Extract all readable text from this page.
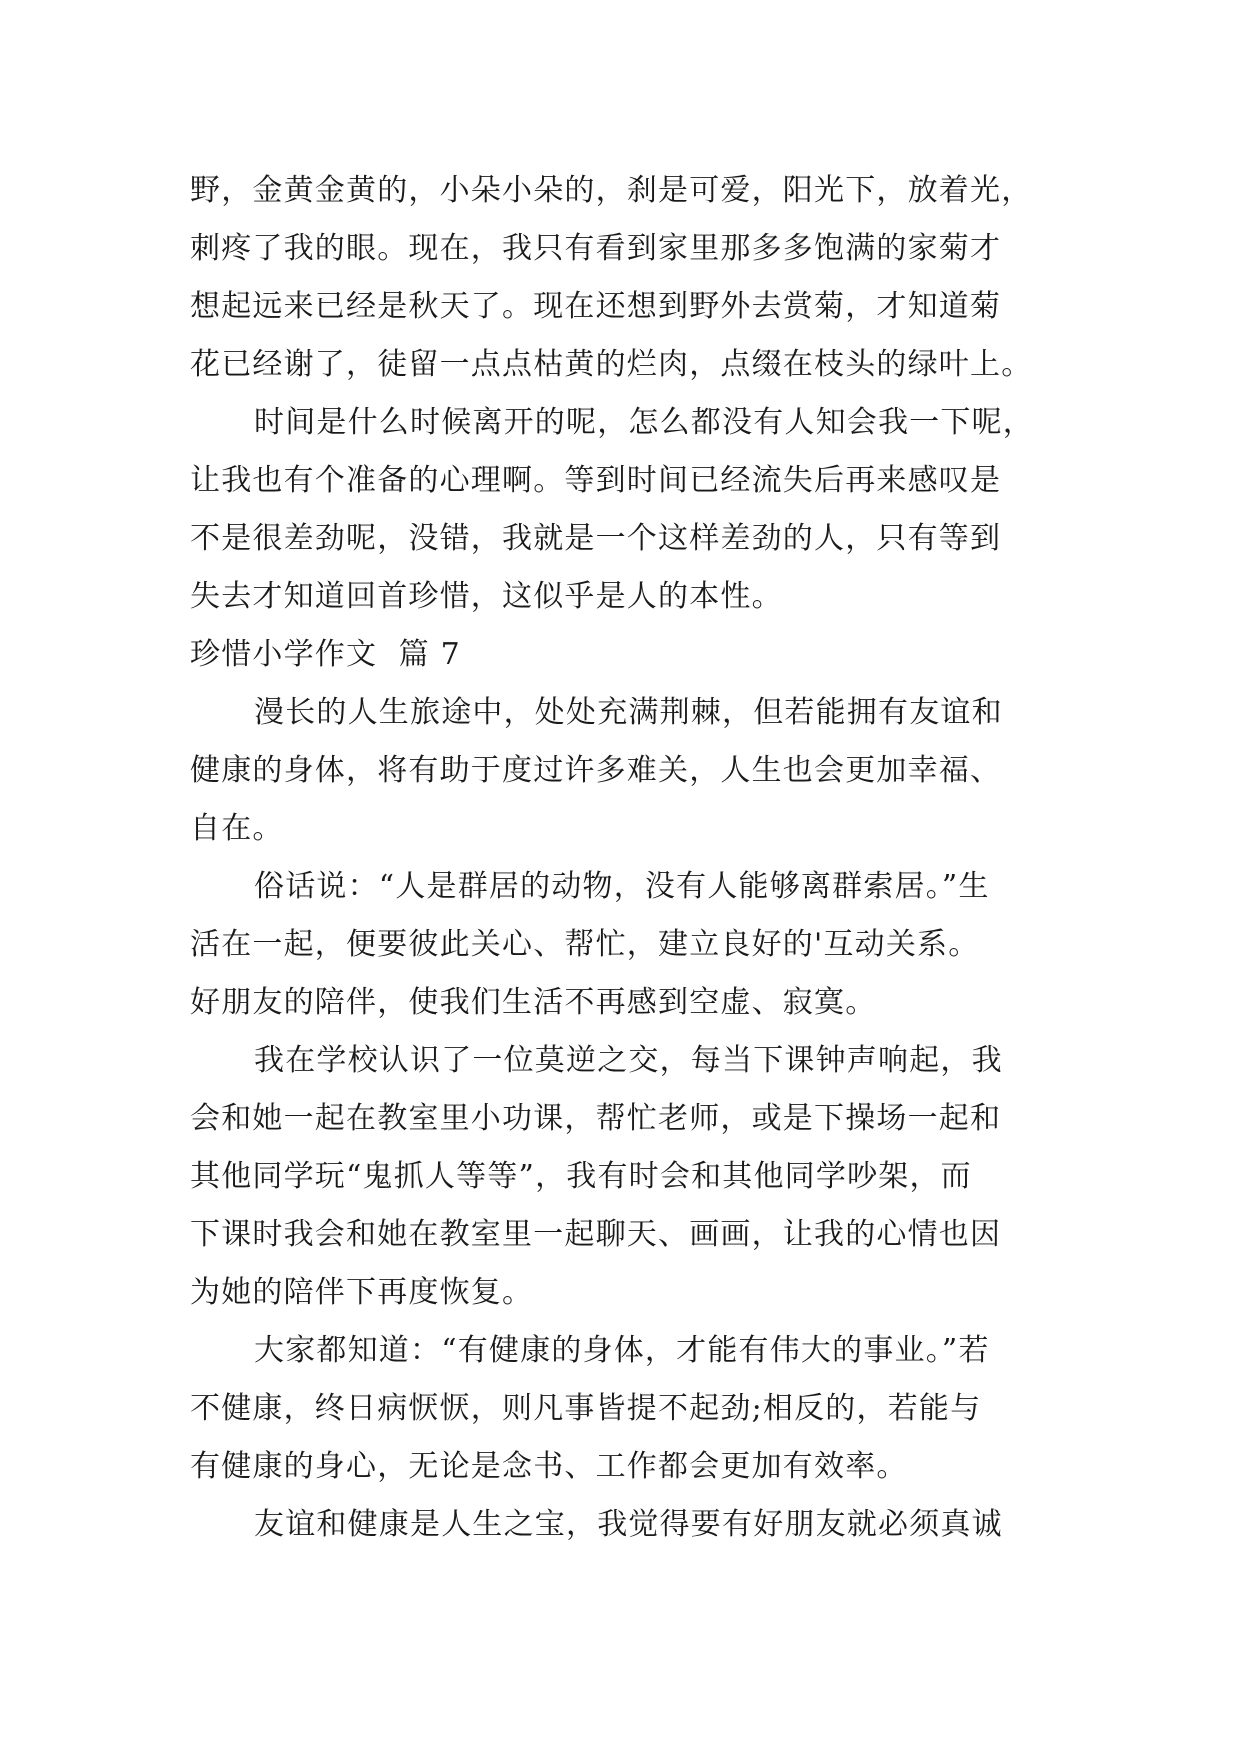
野，金黄金黄的，小朵小朵的，刹是可爱，阳光下，放着光，
刺疼了我的眼。现在，我只有看到家里那多多饱满的家菊才
想起远来已经是秋天了。现在还想到野外去赏菊，才知道菊
花已经谢了，徒留一点点枯黄的烂肉，点缀在枝头的绿叶上。
时间是什么时候离开的呢，怎么都没有人知会我一下呢，
让我也有个准备的心理啊。等到时间已经流失后再来感叹是
不是很差劲呢，没错，我就是一个这样差劲的人，只有等到
失去才知道回首珍惜，这似乎是人的本性。
珍惜小学作文  篇 7
漫长的人生旅途中，处处充满荆棘，但若能拥有友谊和
健康的身体，将有助于度过许多难关，人生也会更加幸福、
自在。
俗话说：“人是群居的动物，没有人能够离群索居。”生
活在一起，便要彼此关心、帮忙，建立良好的'互动关系。
好朋友的陪伴，使我们生活不再感到空虚、寂寞。
我在学校认识了一位莫逆之交，每当下课钟声响起，我
会和她一起在教室里小功课，帮忙老师，或是下操场一起和
其他同学玩“鬼抓人等等”，我有时会和其他同学吵架，而
下课时我会和她在教室里一起聊天、画画，让我的心情也因
为她的陪伴下再度恢复。
大家都知道：“有健康的身体，才能有伟大的事业。”若
不健康，终日病恹恹，则凡事皆提不起劲;相反的，若能与
有健康的身心，无论是念书、工作都会更加有效率。
友谊和健康是人生之宝，我觉得要有好朋友就必须真诚
